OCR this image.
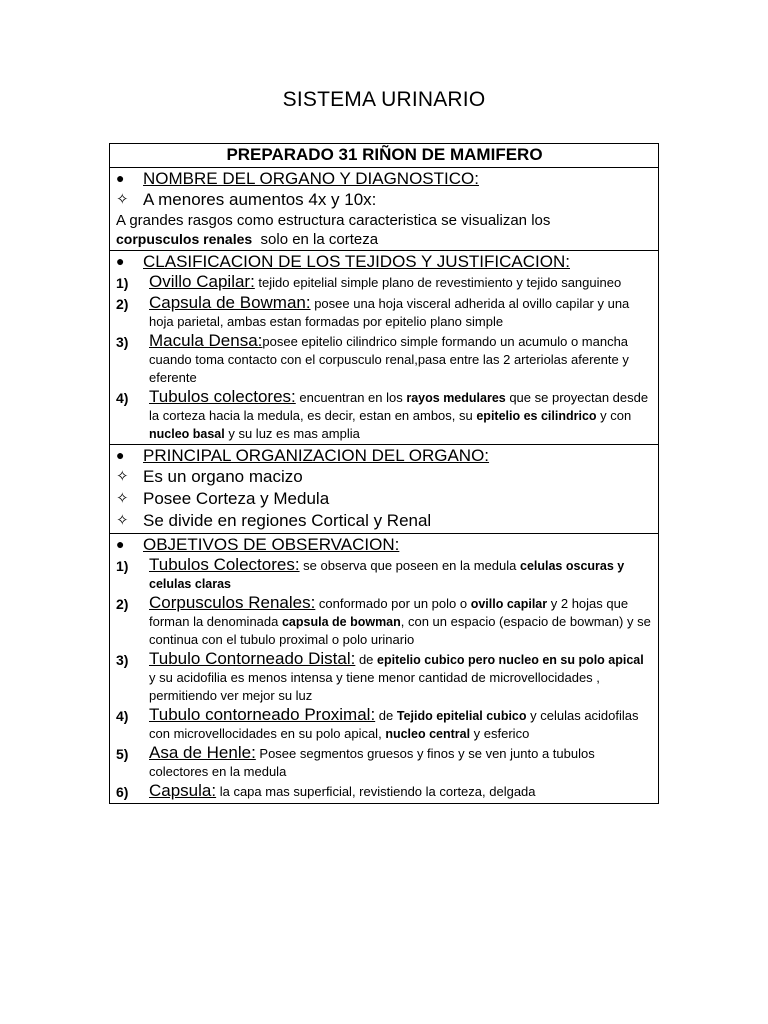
SISTEMA URINARIO
PREPARADO 31 RIÑON DE MAMIFERO
●	NOMBRE DEL ORGANO Y DIAGNOSTICO:
✧ A menores aumentos 4x y 10x:
A grandes rasgos como estructura caracteristica se visualizan los
corpusculos renales solo en la corteza
●	CLASIFICACION DE LOS TEJIDOS Y JUSTIFICACION:
1)	Ovillo Capilar: tejido epitelial simple plano de revestimiento y tejido sanguineo
2)	Capsula de Bowman: posee una hoja visceral adherida al ovillo capilar y una hoja parietal, ambas estan formadas por epitelio plano simple
3)	Macula Densa:posee epitelio cilindrico simple formando un acumulo o mancha cuando toma contacto con el corpusculo renal,pasa entre las 2 arteriolas aferente y eferente
4)	Tubulos colectores: encuentran en los rayos medulares que se proyectan desde la corteza hacia la medula, es decir, estan en ambos, su epitelio es cilindrico y con nucleo basal y su luz es mas amplia
●	PRINCIPAL ORGANIZACION DEL ORGANO:
✧ Es un organo macizo
✧ Posee Corteza y Medula
✧ Se divide en regiones Cortical y Renal
●	OBJETIVOS DE OBSERVACION:
1)	Tubulos Colectores: se observa que poseen en la medula celulas oscuras y celulas claras
2)	Corpusculos Renales: conformado por un polo o ovillo capilar y 2 hojas que forman la denominada capsula de bowman, con un espacio (espacio de bowman) y se continua con el tubulo proximal o polo urinario
3)	Tubulo Contorneado Distal: de epitelio cubico pero nucleo en su polo apical y su acidofilia es menos intensa y tiene menor cantidad de microvellocidades , permitiendo ver mejor su luz
4)	Tubulo contorneado Proximal: de Tejido epitelial cubico y celulas acidofilas con microvellocidades en su polo apical, nucleo central y esferico
5)	Asa de Henle: Posee segmentos gruesos y finos y se ven junto a tubulos colectores en la medula
6)	Capsula: la capa mas superficial, revistiendo la corteza, delgada
